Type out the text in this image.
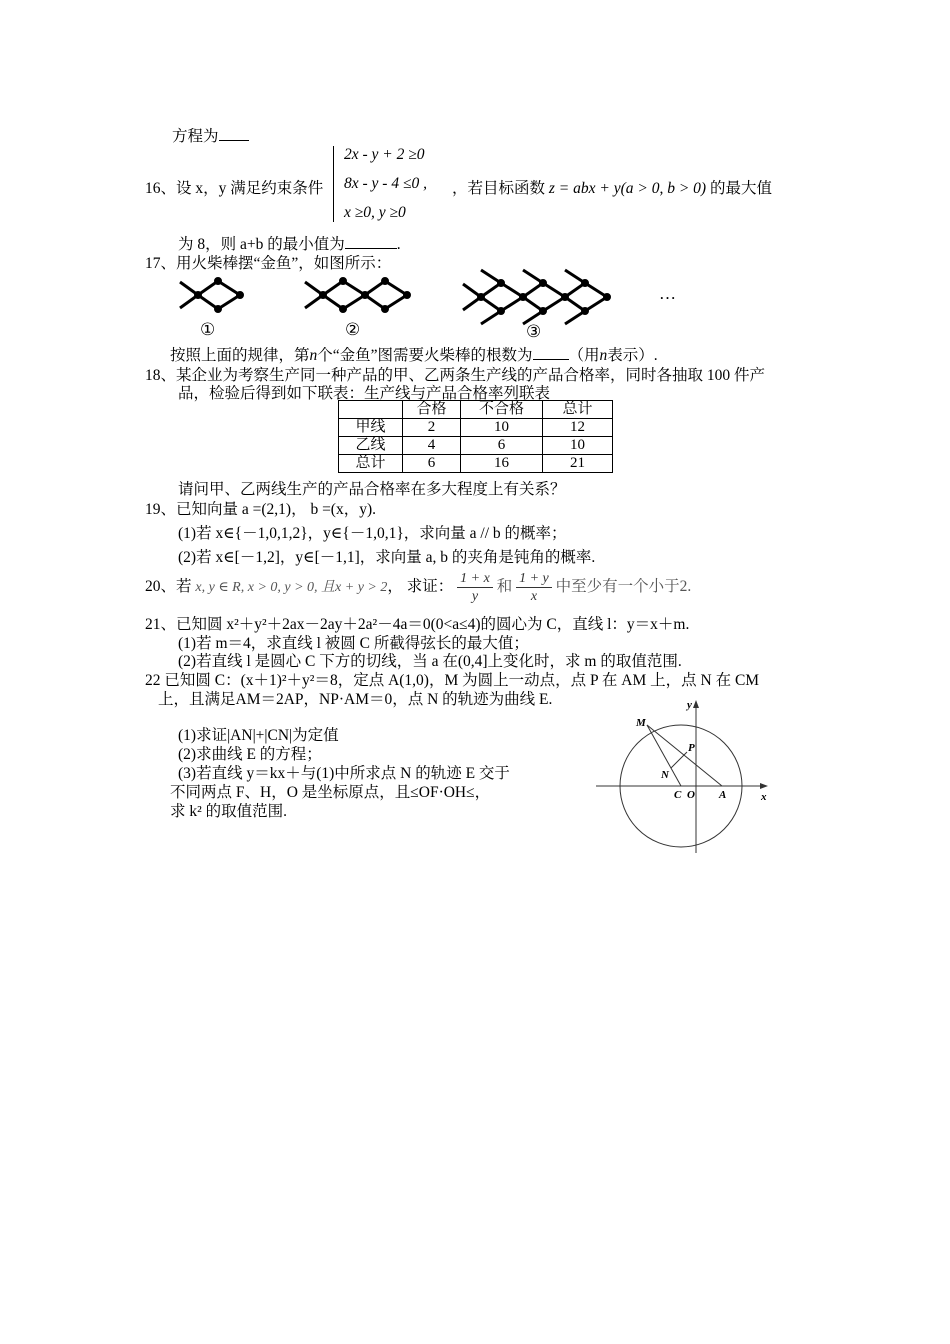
方程为
2x - y + 2 ≥0
8x - y - 4 ≤0 ,
x ≥0, y ≥0
16、设 x，y 满足约束条件	，若目标函数 z = abx + y(a > 0, b > 0) 的最大值
为 8，则 a+b 的最小值为	.
17、用火柴棒摆“金鱼”，如图所示：
①	②	③
…
按照上面的规律，第n个“金鱼”图需要火柴棒的根数为 （用n表示）.
18、某企业为考察生产同一种产品的甲、乙两条生产线的产品合格率，同时各抽取 100 件产
品，检验后得到如下联表：生产线与产品合格率列联表
	合格	不合格	总计
甲线	2	10	12
乙线	4	6	10
总计	6	16	21
请问甲、乙两线生产的产品合格率在多大程度上有关系？
19、已知向量 a =(2,1)， b =(x，y).
(1)若 x∈{－1,0,1,2}，y∈{－1,0,1}，求向量 a // b 的概率；
(2)若 x∈[－1,2]，y∈[－1,1]，求向量 a, b 的夹角是钝角的概率.
20、若 x, y ∈ R, x > 0, y > 0, 且x + y > 2， 求证： $\frac{1 + x}{y}$ 和 $\frac{1 + y}{x}$ 中至少有一个小于2.
21、已知圆 x²＋y²＋2ax－2ay＋2a²－4a＝0(0<a≤4)的圆心为 C，直线 l：y＝x＋m.
(1)若 m＝4，求直线 l 被圆 C 所截得弦长的最大值；
(2)若直线 l 是圆心 C 下方的切线，当 a 在(0,4]上变化时，求 m 的取值范围.
22 已知圆 C：(x＋1)²＋y²＝8，定点 A(1,0)，M 为圆上一动点，点 P 在 AM 上，点 N 在 CM
上，且满足AM＝2AP，NP·AM＝0，点 N 的轨迹为曲线 E.
(1)求证|AN|+|CN|为定值
(2)求曲线 E 的方程；
(3)若直线 y＝kx＋与(1)中所求点 N 的轨迹 E 交于
不同两点 F、H，O 是坐标原点，且≤OF·OH≤，
求 k² 的取值范围.
M
P
N
C O A	x
y
